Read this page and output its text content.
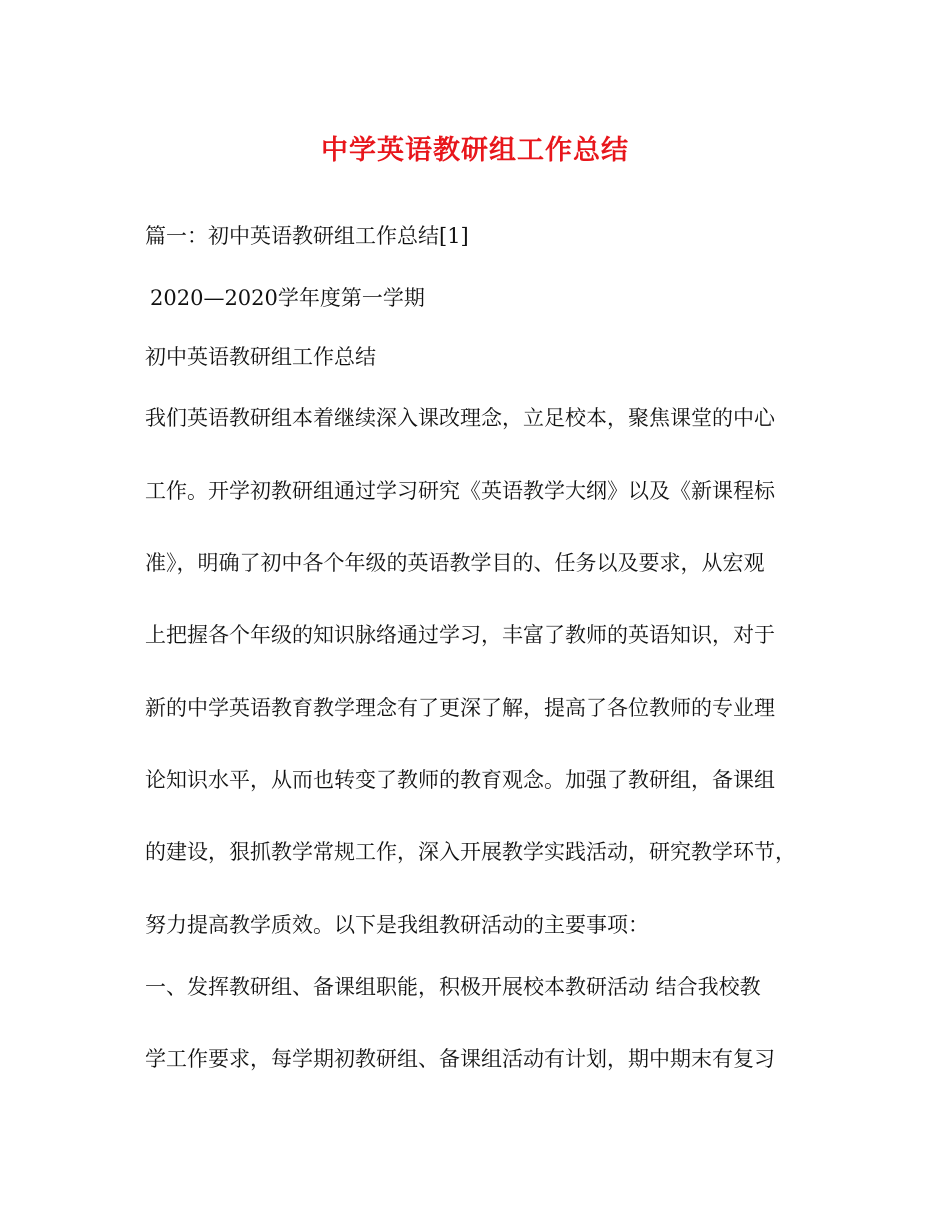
中学英语教研组工作总结
篇一：初中英语教研组工作总结[1]
2020—2020学年度第一学期
初中英语教研组工作总结
我们英语教研组本着继续深入课改理念，立足校本，聚焦课堂的中心
工作。开学初教研组通过学习研究《英语教学大纲》以及《新课程标
准》，明确了初中各个年级的英语教学目的、任务以及要求，从宏观
上把握各个年级的知识脉络通过学习，丰富了教师的英语知识，对于
新的中学英语教育教学理念有了更深了解，提高了各位教师的专业理
论知识水平，从而也转变了教师的教育观念。加强了教研组，备课组
的建设，狠抓教学常规工作，深入开展教学实践活动，研究教学环节，
努力提高教学质效。以下是我组教研活动的主要事项：
一、发挥教研组、备课组职能，积极开展校本教研活动 结合我校教
学工作要求，每学期初教研组、备课组活动有计划，期中期末有复习
